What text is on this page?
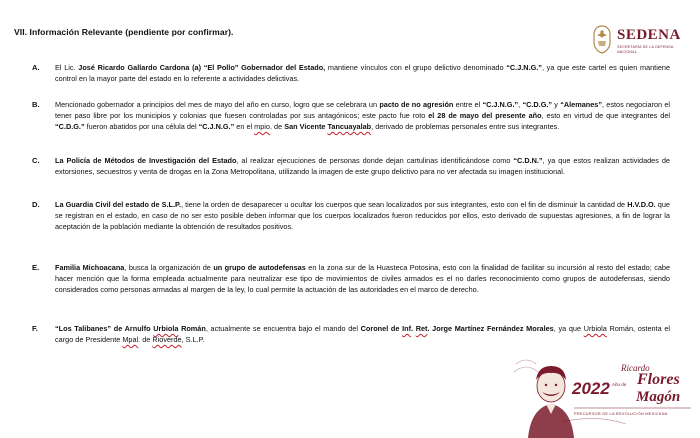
VII. Información Relevante (pendiente por confirmar).	SEDENA
SECRETARÍA DE LA DEFENSA NACIONAL
A. El Lic. José Ricardo Gallardo Cardona (a) “El Pollo” Gobernador del Estado, mantiene vínculos con el grupo delictivo denominado “C.J.N.G.”, ya que este cartel es quien mantiene control en la mayor parte del estado en lo referente a actividades delictivas.
B. Mencionado gobernador a principios del mes de mayo del año en curso, logro que se celebrara un pacto de no agresión entre el “C.J.N.G.”, “C.D.G.” y “Alemanes”, estos negociaron el tener paso libre por los municipios y colonias que fuesen controladas por sus antagónicos; este pacto fue roto el 28 de mayo del presente año, esto en virtud de que integrantes del “C.D.G.” fueron abatidos por una célula del “C.J.N.G.” en el mpio. de San Vicente Tancuayalab, derivado de problemas personales entre sus integrantes.
C. La Policía de Métodos de Investigación del Estado, al realizar ejecuciones de personas donde dejan cartulinas identificándose como “C.D.N.”, ya que estos realizan actividades de extorsiones, secuestros y venta de drogas en la Zona Metropolitana, utilizando la imagen de este grupo delictivo para no ver afectada su imagen institucional.
D. La Guardia Civil del estado de S.L.P., tiene la orden de desaparecer u ocultar los cuerpos que sean localizados por sus integrantes, esto con el fin de disminuir la cantidad de H.V.D.O. que se registran en el estado, en caso de no ser esto posible deben informar que los cuerpos localizados fueron reducidos por ellos, esto derivado de supuestas agresiones, a fin de lograr la aceptación de la población mediante la obtención de resultados positivos.
E. Familia Michoacana, busca la organización de un grupo de autodefensas en la zona sur de la Huasteca Potosina, esto con la finalidad de facilitar su incursión al resto del estado; cabe hacer mención que la forma empleada actualmente para neutralizar ese tipo de movimientos de civiles armados es el no darles reconocimiento como grupos de autodefensas, siendo considerados como personas armadas al margen de la ley, lo cual permite la actuación de las autoridades en el marco de derecho.
F. “Los Talibanes” de Arnulfo Urbiola Román, actualmente se encuentra bajo el mando del Coronel de Inf. Ret. Jorge Martínez Fernández Morales, ya que Urbiola Román, ostenta el cargo de Presidente Mpal. de Rioverde, S.L.P.
2022
Ricardo
Año de Flores
Magón
PRECURSOR DE LA REVOLUCIÓN MEXICANA
